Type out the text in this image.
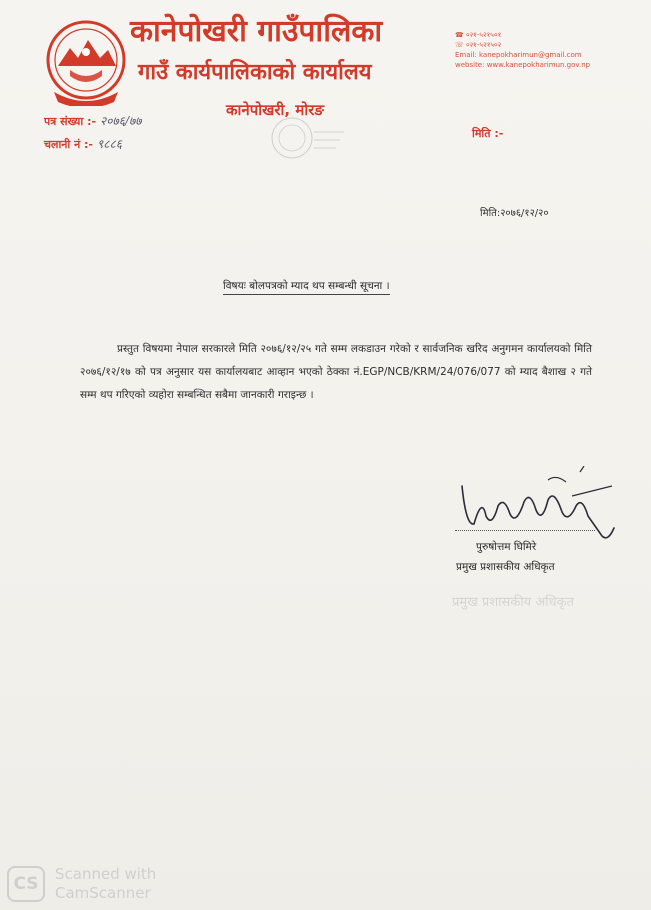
कानेपोखरी गाउँपालिका
गाउँ कार्यपालिकाको कार्यालय
कानेपोखरी, मोरङ
☎ ०२१-५२१५०१
☏ ०२१-५२१५०२
Email: kanepokharimun@gmail.com
website: www.kanepokharimun.gov.np
पत्र संख्या :- २०७६/७७
चलानी नं :- ९८८६
मिति :-
मिति:२०७६/१२/२०
विषयः बोलपत्रको म्याद थप सम्बन्धी सूचना ।
प्रस्तुत विषयमा नेपाल सरकारले मिति २०७६/१२/२५ गते सम्म लकडाउन गरेको र सार्वजनिक खरिद अनुगमन कार्यालयको मिति २०७६/१२/१७ को पत्र अनुसार यस कार्यालयबाट आव्हान भएको ठेक्का नं.EGP/NCB/KRM/24/076/077 को म्याद बैशाख २ गते सम्म थप गरिएको व्यहोरा सम्बन्धित सबैमा जानकारी गराइन्छ ।
पुरुषोत्तम घिमिरे
प्रमुख प्रशासकीय अधिकृत
प्रमुख प्रशासकीय अधिकृत
CS	Scanned with
CamScanner
